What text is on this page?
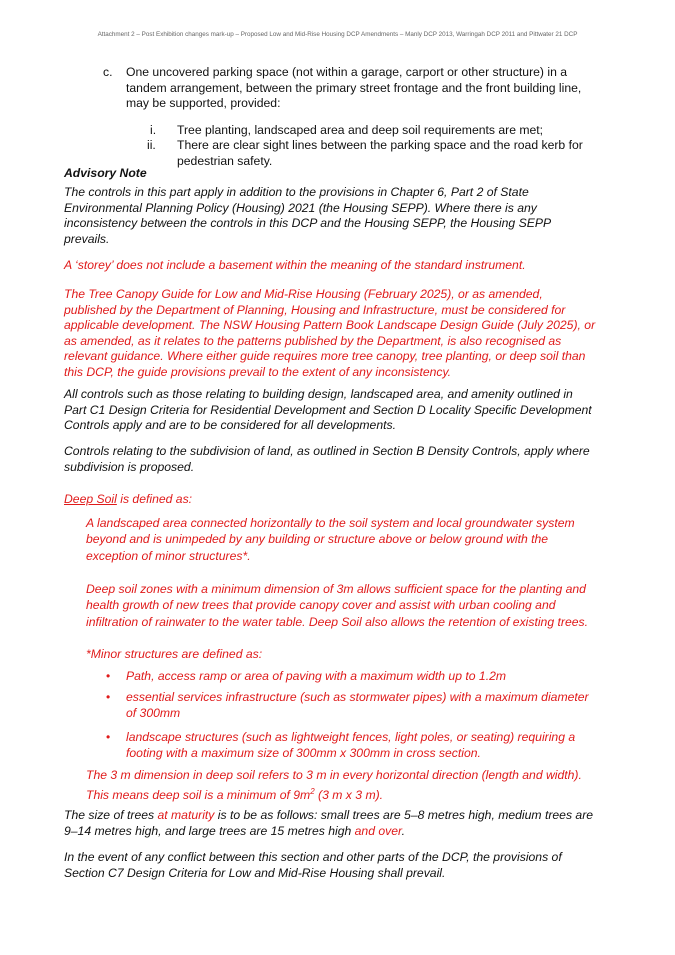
Attachment 2 – Post Exhibition changes mark-up – Proposed Low and Mid-Rise Housing DCP Amendments – Manly DCP 2013, Warringah DCP 2011 and Pittwater 21 DCP
c. One uncovered parking space (not within a garage, carport or other structure) in a
tandem arrangement, between the primary street frontage and the front building line,
may be supported, provided:
i. Tree planting, landscaped area and deep soil requirements are met;
ii. There are clear sight lines between the parking space and the road kerb for
pedestrian safety.
Advisory Note
The controls in this part apply in addition to the provisions in Chapter 6, Part 2 of State
Environmental Planning Policy (Housing) 2021 (the Housing SEPP). Where there is any
inconsistency between the controls in this DCP and the Housing SEPP, the Housing SEPP
prevails.
A ‘storey’ does not include a basement within the meaning of the standard instrument.
The Tree Canopy Guide for Low and Mid-Rise Housing (February 2025), or as amended,
published by the Department of Planning, Housing and Infrastructure, must be considered for
applicable development. The NSW Housing Pattern Book Landscape Design Guide (July 2025), or
as amended, as it relates to the patterns published by the Department, is also recognised as
relevant guidance. Where either guide requires more tree canopy, tree planting, or deep soil than
this DCP, the guide provisions prevail to the extent of any inconsistency.
All controls such as those relating to building design, landscaped area, and amenity outlined in
Part C1 Design Criteria for Residential Development and Section D Locality Specific Development
Controls apply and are to be considered for all developments.
Controls relating to the subdivision of land, as outlined in Section B Density Controls, apply where
subdivision is proposed.
Deep Soil is defined as:
A landscaped area connected horizontally to the soil system and local groundwater system
beyond and is unimpeded by any building or structure above or below ground with the
exception of minor structures*.
Deep soil zones with a minimum dimension of 3m allows sufficient space for the planting and
health growth of new trees that provide canopy cover and assist with urban cooling and
infiltration of rainwater to the water table. Deep Soil also allows the retention of existing trees.
*Minor structures are defined as:
• Path, access ramp or area of paving with a maximum width up to 1.2m
• essential services infrastructure (such as stormwater pipes) with a maximum diameter
of 300mm
• landscape structures (such as lightweight fences, light poles, or seating) requiring a
footing with a maximum size of 300mm x 300mm in cross section.
The 3 m dimension in deep soil refers to 3 m in every horizontal direction (length and width).
This means deep soil is a minimum of $9m^2$ (3 m x 3 m).
The size of trees at maturity is to be as follows: small trees are 5–8 metres high, medium trees are
9–14 metres high, and large trees are 15 metres high and over.
In the event of any conflict between this section and other parts of the DCP, the provisions of
Section C7 Design Criteria for Low and Mid-Rise Housing shall prevail.
